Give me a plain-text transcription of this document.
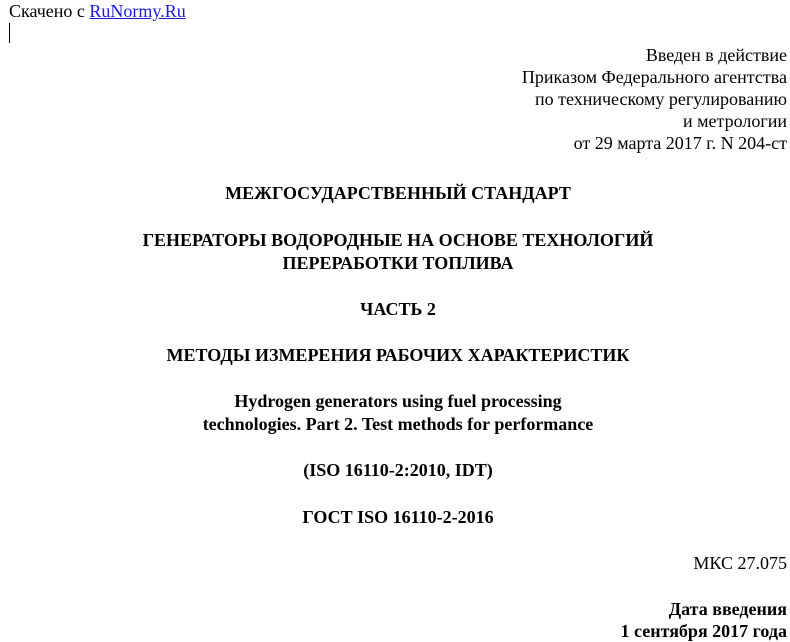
Скачено с RuNormy.Ru
Введен в действие
Приказом Федерального агентства
по техническому регулированию
и метрологии
от 29 марта 2017 г. N 204-ст
МЕЖГОСУДАРСТВЕННЫЙ СТАНДАРТ
ГЕНЕРАТОРЫ ВОДОРОДНЫЕ НА ОСНОВЕ ТЕХНОЛОГИЙ
ПЕРЕРАБОТКИ ТОПЛИВА
ЧАСТЬ 2
МЕТОДЫ ИЗМЕРЕНИЯ РАБОЧИХ ХАРАКТЕРИСТИК
Hydrogen generators using fuel processing
technologies. Part 2. Test methods for performance
(ISO 16110-2:2010, IDT)
ГОСТ ISO 16110-2-2016
МКС 27.075
Дата введения
1 сентября 2017 года
